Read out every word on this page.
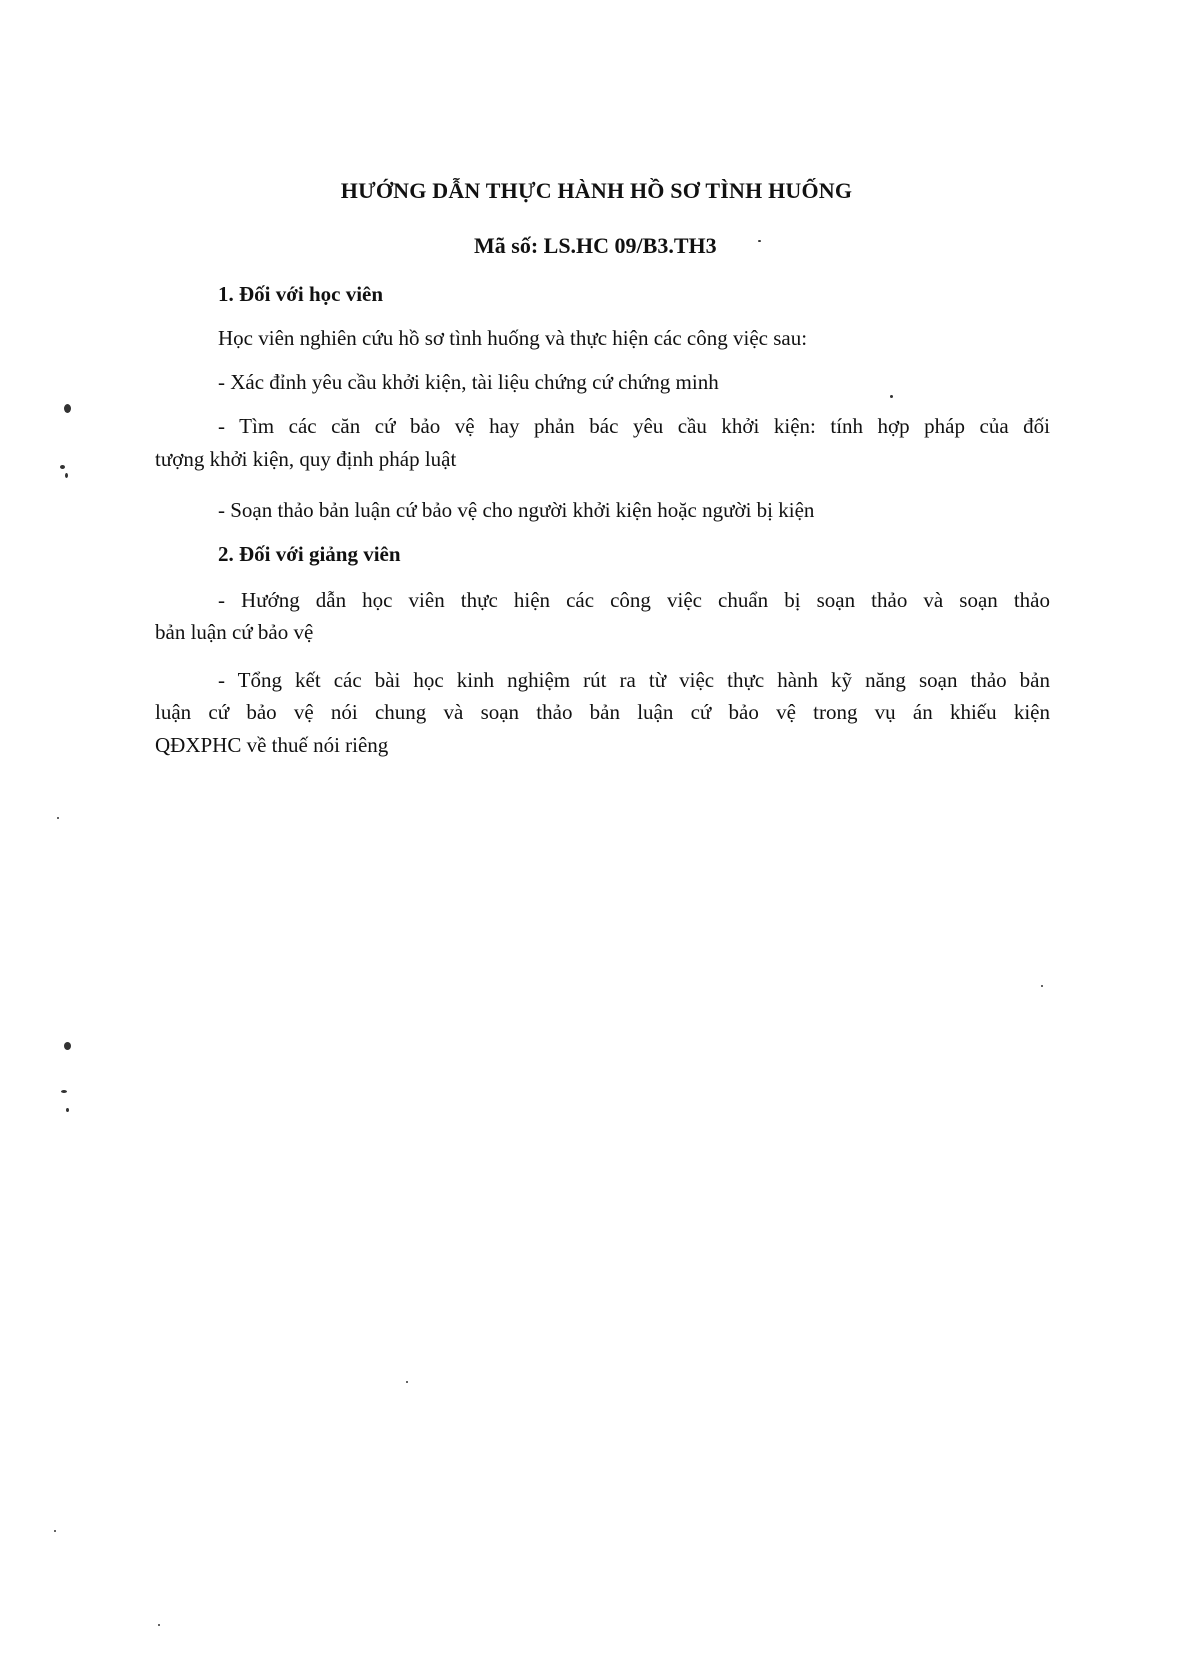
HƯỚNG DẪN THỰC HÀNH HỒ SƠ TÌNH HUỐNG
Mã số: LS.HC 09/B3.TH3
1. Đối với học viên
Học viên nghiên cứu hồ sơ tình huống và thực hiện các công việc sau:
- Xác đỉnh yêu cầu khởi kiện, tài liệu chứng cứ chứng minh
- Tìm các căn cứ bảo vệ hay phản bác yêu cầu khởi kiện: tính hợp pháp của đối
tượng khởi kiện, quy định pháp luật
- Soạn thảo bản luận cứ bảo vệ cho người khởi kiện hoặc người bị kiện
2. Đối với giảng viên
- Hướng dẫn học viên thực hiện các công việc chuẩn bị soạn thảo và soạn thảo
bản luận cứ bảo vệ
- Tổng kết các bài học kinh nghiệm rút ra từ việc thực hành kỹ năng soạn thảo bản
luận cứ bảo vệ nói chung và soạn thảo bản luận cứ bảo vệ trong vụ án khiếu kiện
QĐXPHC về thuế nói riêng
